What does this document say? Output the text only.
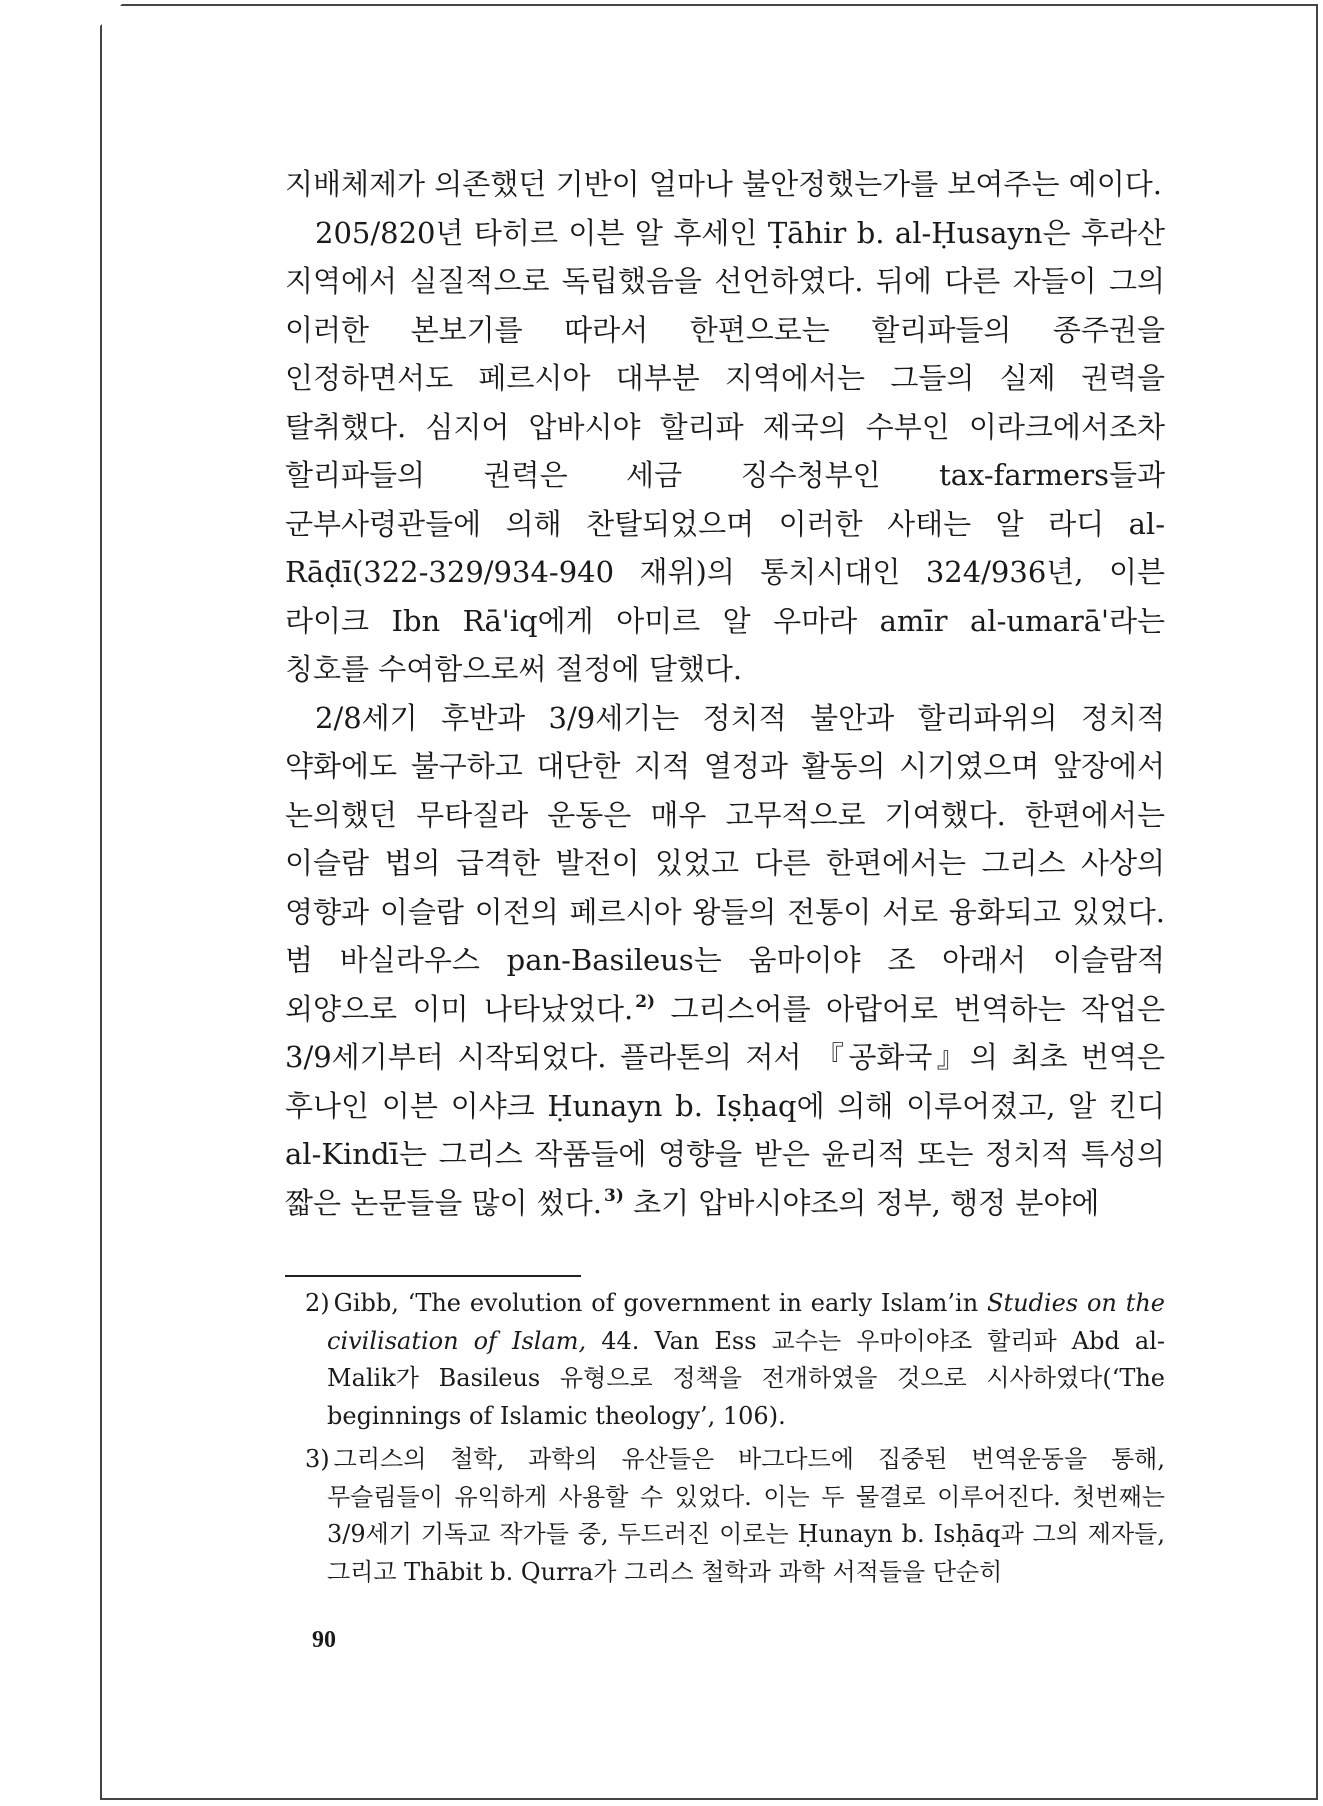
지배체제가 의존했던 기반이 얼마나 불안정했는가를 보여주는 예이다.

205/820년 타히르 이븐 알 후세인 Ṭāhir b. al-Ḥusayn은 후라산 지역에서 실질적으로 독립했음을 선언하였다. 뒤에 다른 자들이 그의 이러한 본보기를 따라서 한편으로는 할리파들의 종주권을 인정하면서도 페르시아 대부분 지역에서는 그들의 실제 권력을 탈취했다. 심지어 압바시야 할리파 제국의 수부인 이라크에서조차 할리파들의 권력은 세금 징수청부인 tax-farmers들과 군부사령관들에 의해 찬탈되었으며 이러한 사태는 알 라디 al-Rāḍī(322-329/934-940 재위)의 통치시대인 324/936년, 이븐 라이크 Ibn Rā'iq에게 아미르 알 우마라 amīr al-umarā'라는 칭호를 수여함으로써 절정에 달했다.

2/8세기 후반과 3/9세기는 정치적 불안과 할리파위의 정치적 약화에도 불구하고 대단한 지적 열정과 활동의 시기였으며 앞장에서 논의했던 무타질라 운동은 매우 고무적으로 기여했다. 한편에서는 이슬람 법의 급격한 발전이 있었고 다른 한편에서는 그리스 사상의 영향과 이슬람 이전의 페르시아 왕들의 전통이 서로 융화되고 있었다. 범 바실라우스 pan-Basileus는 움마이야 조 아래서 이슬람적 외양으로 이미 나타났었다. $^{2)}$ 그리스어를 아랍어로 번역하는 작업은 3/9세기부터 시작되었다. 플라톤의 저서 『공화국』의 최초 번역은 후나인 이븐 이샤크 Ḥunayn b. Iṣḥaq에 의해 이루어졌고, 알 킨디 al-Kindī는 그리스 작품들에 영향을 받은 윤리적 또는 정치적 특성의 짧은 논문들을 많이 썼다. $^{3)}$ 초기 압바시야조의 정부, 행정 분야에

2) Gibb, ‘The evolution of government in early Islam’in Studies on the civilisation of Islam, 44. Van Ess 교수는 우마이야조 할리파 Abd al-Malik가 Basileus 유형으로 정책을 전개하였을 것으로 시사하였다(‘The beginnings of Islamic theology’, 106).

3) 그리스의 철학, 과학의 유산들은 바그다드에 집중된 번역운동을 통해, 무슬림들이 유익하게 사용할 수 있었다. 이는 두 물결로 이루어진다. 첫번째는 3/9세기 기독교 작가들 중, 두드러진 이로는 Ḥunayn b. Isḥāq과 그의 제자들, 그리고 Thābit b. Qurra가 그리스 철학과 과학 서적들을 단순히

90
